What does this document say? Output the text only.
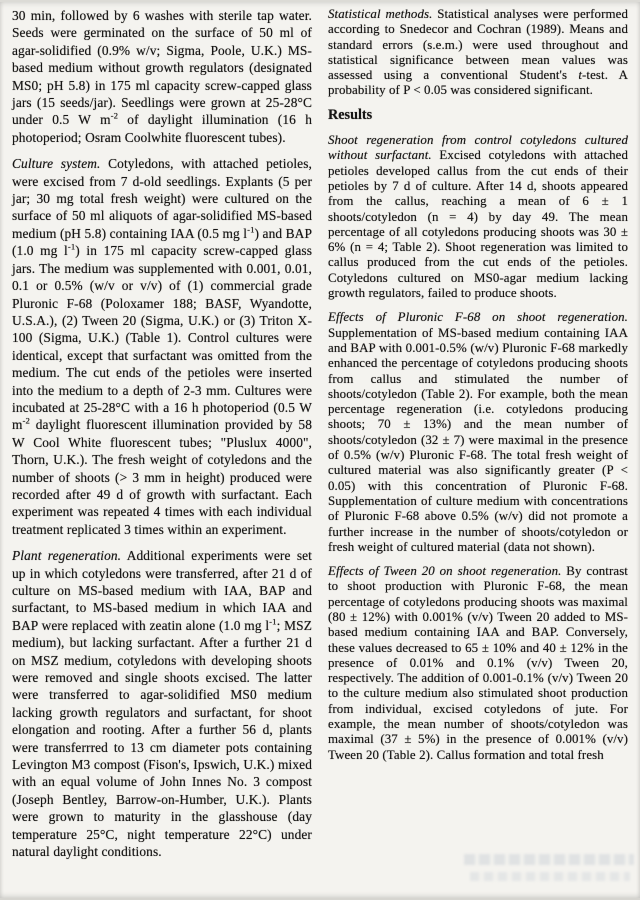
30 min, followed by 6 washes with sterile tap water. Seeds were germinated on the surface of 50 ml of agar-solidified (0.9% w/v; Sigma, Poole, U.K.) MS-based medium without growth regulators (designated MS0; pH 5.8) in 175 ml capacity screw-capped glass jars (15 seeds/jar). Seedlings were grown at 25-28°C under 0.5 W $m^{-2}$ of daylight illumination (16 h photoperiod; Osram Coolwhite fluorescent tubes).

Culture system. Cotyledons, with attached petioles, were excised from 7 d-old seedlings. Explants (5 per jar; 30 mg total fresh weight) were cultured on the surface of 50 ml aliquots of agar-solidified MS-based medium (pH 5.8) containing IAA (0.5 mg $l^{-1}$) and BAP (1.0 mg $l^{-1}$) in 175 ml capacity screw-capped glass jars. The medium was supplemented with 0.001, 0.01, 0.1 or 0.5% (w/v or v/v) of (1) commercial grade Pluronic F-68 (Poloxamer 188; BASF, Wyandotte, U.S.A.), (2) Tween 20 (Sigma, U.K.) or (3) Triton X-100 (Sigma, U.K.) (Table 1). Control cultures were identical, except that surfactant was omitted from the medium. The cut ends of the petioles were inserted into the medium to a depth of 2-3 mm. Cultures were incubated at 25-28°C with a 16 h photoperiod (0.5 W $m^{-2}$ daylight fluorescent illumination provided by 58 W Cool White fluorescent tubes; "Pluslux 4000", Thorn, U.K.). The fresh weight of cotyledons and the number of shoots (> 3 mm in height) produced were recorded after 49 d of growth with surfactant. Each experiment was repeated 4 times with each individual treatment replicated 3 times within an experiment.

Plant regeneration. Additional experiments were set up in which cotyledons were transferred, after 21 d of culture on MS-based medium with IAA, BAP and surfactant, to MS-based medium in which IAA and BAP were replaced with zeatin alone (1.0 mg $l^{-1}$; MSZ medium), but lacking surfactant. After a further 21 d on MSZ medium, cotyledons with developing shoots were removed and single shoots excised. The latter were transferred to agar-solidified MS0 medium lacking growth regulators and surfactant, for shoot elongation and rooting. After a further 56 d, plants were transferrred to 13 cm diameter pots containing Levington M3 compost (Fison's, Ipswich, U.K.) mixed with an equal volume of John Innes No. 3 compost (Joseph Bentley, Barrow-on-Humber, U.K.). Plants were grown to maturity in the glasshouse (day temperature 25°C, night temperature 22°C) under natural daylight conditions.

Statistical methods. Statistical analyses were performed according to Snedecor and Cochran (1989). Means and standard errors (s.e.m.) were used throughout and statistical significance between mean values was assessed using a conventional Student's t-test. A probability of P < 0.05 was considered significant.

Results

Shoot regeneration from control cotyledons cultured without surfactant. Excised cotyledons with attached petioles developed callus from the cut ends of their petioles by 7 d of culture. After 14 d, shoots appeared from the callus, reaching a mean of 6 ± 1 shoots/cotyledon (n = 4) by day 49. The mean percentage of all cotyledons producing shoots was 30 ± 6% (n = 4; Table 2). Shoot regeneration was limited to callus produced from the cut ends of the petioles. Cotyledons cultured on MS0-agar medium lacking growth regulators, failed to produce shoots.

Effects of Pluronic F-68 on shoot regeneration. Supplementation of MS-based medium containing IAA and BAP with 0.001-0.5% (w/v) Pluronic F-68 markedly enhanced the percentage of cotyledons producing shoots from callus and stimulated the number of shoots/cotyledon (Table 2). For example, both the mean percentage regeneration (i.e. cotyledons producing shoots; 70 ± 13%) and the mean number of shoots/cotyledon (32 ± 7) were maximal in the presence of 0.5% (w/v) Pluronic F-68. The total fresh weight of cultured material was also significantly greater (P < 0.05) with this concentration of Pluronic F-68. Supplementation of culture medium with concentrations of Pluronic F-68 above 0.5% (w/v) did not promote a further increase in the number of shoots/cotyledon or fresh weight of cultured material (data not shown).

Effects of Tween 20 on shoot regeneration. By contrast to shoot production with Pluronic F-68, the mean percentage of cotyledons producing shoots was maximal (80 ± 12%) with 0.001% (v/v) Tween 20 added to MS-based medium containing IAA and BAP. Conversely, these values decreased to 65 ± 10% and 40 ± 12% in the presence of 0.01% and 0.1% (v/v) Tween 20, respectively. The addition of 0.001-0.1% (v/v) Tween 20 to the culture medium also stimulated shoot production from individual, excised cotyledons of jute. For example, the mean number of shoots/cotyledon was maximal (37 ± 5%) in the presence of 0.001% (v/v) Tween 20 (Table 2). Callus formation and total fresh
